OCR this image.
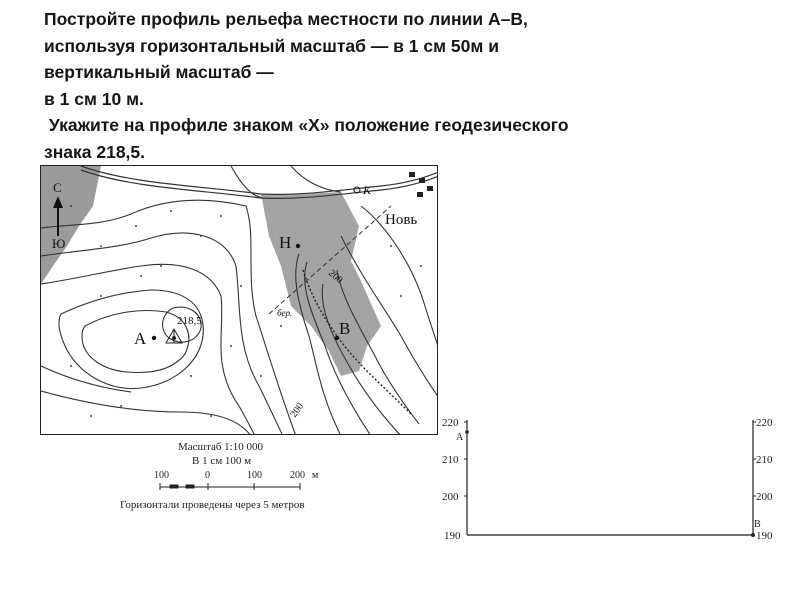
Постройте профиль рельефа местности по линии А–В,
используя горизонтальный масштаб — в 1 см 50м и
вертикальный масштаб —
в 1 см 10 м.
Укажите на профиле знаком «Х» положение геодезического
знака 218,5.
С
Ю
218,5
А
Н
В
К
Новь
бер.
200
200
Масштаб 1:10 000
В 1 см 100 м
100	0	100	200 м
Горизонтали проведены через 5 метров
220
210
200
190
220
210
200
190
А
В
